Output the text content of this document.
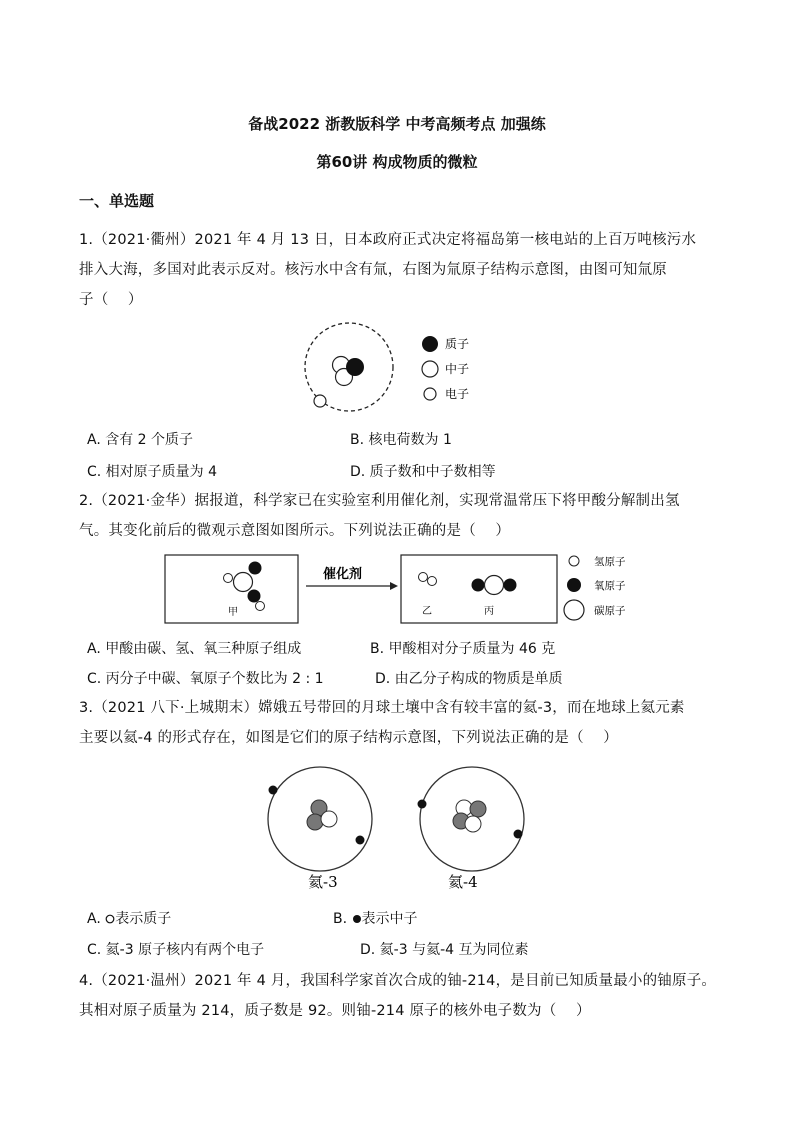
备战2022 浙教版科学 中考高频考点 加强练
第60讲 构成物质的微粒
一、单选题
1.（2021·衢州）2021 年 4 月 13 日，日本政府正式决定将福岛第一核电站的上百万吨核污水
排入大海，多国对此表示反对。核污水中含有氚，右图为氚原子结构示意图，由图可知氚原
子（　 ）
质子
中子
电子
A. 含有 2 个质子	B. 核电荷数为 1
C. 相对原子质量为 4	D. 质子数和中子数相等
2.（2021·金华）据报道，科学家已在实验室利用催化剂，实现常温常压下将甲酸分解制出氢
气。其变化前后的微观示意图如图所示。下列说法正确的是（　 ）
甲
催化剂
乙	丙
氢原子
氧原子
碳原子
A. 甲酸由碳、氢、氧三种原子组成	B. 甲酸相对分子质量为 46 克
C. 丙分子中碳、氧原子个数比为 2 : 1	D. 由乙分子构成的物质是单质
3.（2021 八下·上城期末）嫦娥五号带回的月球土壤中含有较丰富的氦-3，而在地球上氦元素
主要以氦-4 的形式存在，如图是它们的原子结构示意图，下列说法正确的是（　 ）
氦-3	氦-4
A. 表示质子	B. 表示中子
C. 氦-3 原子核内有两个电子	D. 氦-3 与氦-4 互为同位素
4.（2021·温州）2021 年 4 月，我国科学家首次合成的铀-214，是目前已知质量最小的铀原子。
其相对原子质量为 214，质子数是 92。则铀-214 原子的核外电子数为（　 ）
